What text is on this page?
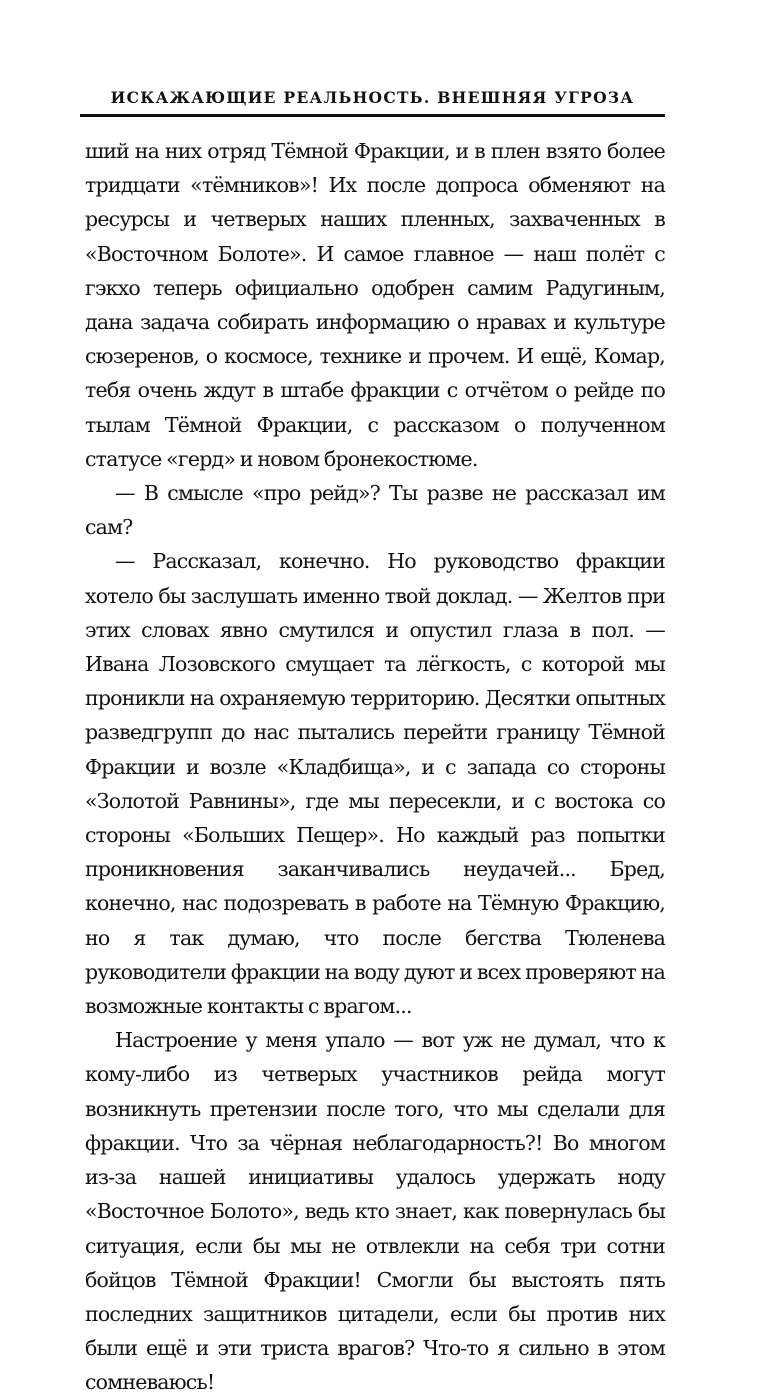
ИСКАЖАЮЩИЕ РЕАЛЬНОСТЬ. ВНЕШНЯЯ УГРОЗА

ший на них отряд Тёмной Фракции, и в плен взято более тридцати «тёмников»! Их после допроса обменяют на ресурсы и четверых наших пленных, захваченных в «Восточном Болоте». И самое главное — наш полёт с гэкхо теперь официально одобрен самим Радугиным, дана задача собирать информацию о нравах и культуре сюзеренов, о космосе, технике и прочем. И ещё, Комар, тебя очень ждут в штабе фракции с отчётом о рейде по тылам Тёмной Фракции, с рассказом о полученном статусе «герд» и новом бронекостюме.

— В смысле «про рейд»? Ты разве не рассказал им сам?

— Рассказал, конечно. Но руководство фракции хотело бы заслушать именно твой доклад. — Желтов при этих словах явно смутился и опустил глаза в пол. — Ивана Лозовского смущает та лёгкость, с которой мы проникли на охраняемую территорию. Десятки опытных разведгрупп до нас пытались перейти границу Тёмной Фракции и возле «Кладбища», и с запада со стороны «Золотой Равнины», где мы пересекли, и с востока со стороны «Больших Пещер». Но каждый раз попытки проникновения заканчивались неудачей... Бред, конечно, нас подозревать в работе на Тёмную Фракцию, но я так думаю, что после бегства Тюленева руководители фракции на воду дуют и всех проверяют на возможные контакты с врагом...

Настроение у меня упало — вот уж не думал, что к кому-либо из четверых участников рейда могут возникнуть претензии после того, что мы сделали для фракции. Что за чёрная неблагодарность?! Во многом из-за нашей инициативы удалось удержать ноду «Восточное Болото», ведь кто знает, как повернулась бы ситуация, если бы мы не отвлекли на себя три сотни бойцов Тёмной Фракции! Смогли бы выстоять пять последних защитников цитадели, если бы против них были ещё и эти триста врагов? Что-то я сильно в этом сомневаюсь!
